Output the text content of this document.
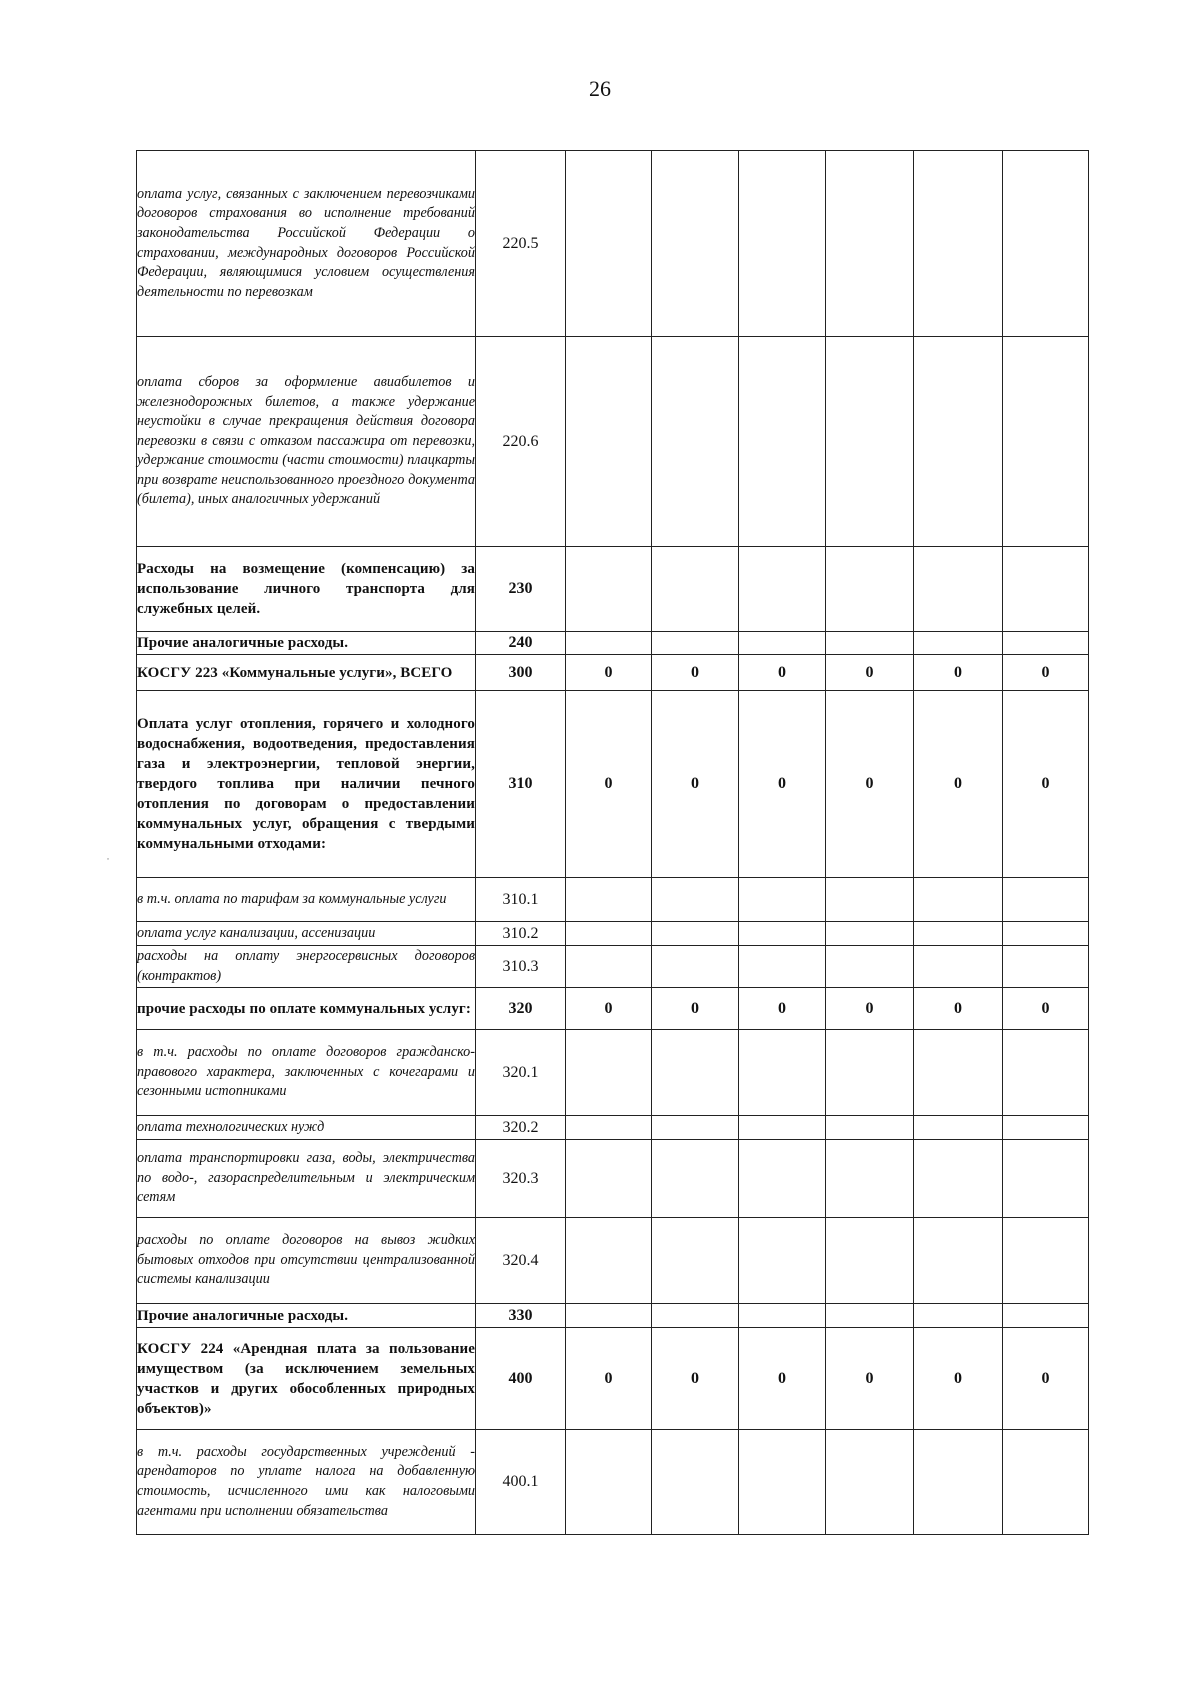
26
оплата услуг, связанных с заключением перевозчиками договоров страхования во исполнение требований законодательства Российской Федерации о страховании, международных договоров Российской Федерации, являющимися условием осуществления деятельности по перевозкам	220.5						
оплата сборов за оформление авиабилетов и железнодорожных билетов, а также удержание неустойки в случае прекращения действия договора перевозки в связи с отказом пассажира от перевозки, удержание стоимости (части стоимости) плацкарты при возврате неиспользованного проездного документа (билета), иных аналогичных удержаний	220.6						
Расходы на возмещение (компенсацию) за использование личного транспорта для служебных целей.	230						
Прочие аналогичные расходы.	240						
КОСГУ 223 «Коммунальные услуги», ВСЕГО	300	0	0	0	0	0	0
Оплата услуг отопления, горячего и холодного водоснабжения, водоотведения, предоставления газа и электроэнергии, тепловой энергии, твердого топлива при наличии печного отопления по договорам о предоставлении коммунальных услуг, обращения с твердыми коммунальными отходами:	310	0	0	0	0	0	0
в т.ч. оплата по тарифам за коммунальные услуги	310.1						
оплата услуг канализации, ассенизации	310.2						
расходы на оплату энергосервисных договоров (контрактов)	310.3						
прочие расходы по оплате коммунальных услуг:	320	0	0	0	0	0	0
в т.ч. расходы по оплате договоров гражданско-правового характера, заключенных с кочегарами и сезонными истопниками	320.1						
оплата технологических нужд	320.2						
оплата транспортировки газа, воды, электричества по водо-, газораспределительным и электрическим сетям	320.3						
расходы по оплате договоров на вывоз жидких бытовых отходов при отсутствии централизованной системы канализации	320.4						
Прочие аналогичные расходы.	330						
КОСГУ 224 «Арендная плата за пользование имуществом (за исключением земельных участков и других обособленных природных объектов)»	400	0	0	0	0	0	0
в т.ч. расходы государственных учреждений - арендаторов по уплате налога на добавленную стоимость, исчисленного ими как налоговыми агентами при исполнении обязательства	400.1						
˙
